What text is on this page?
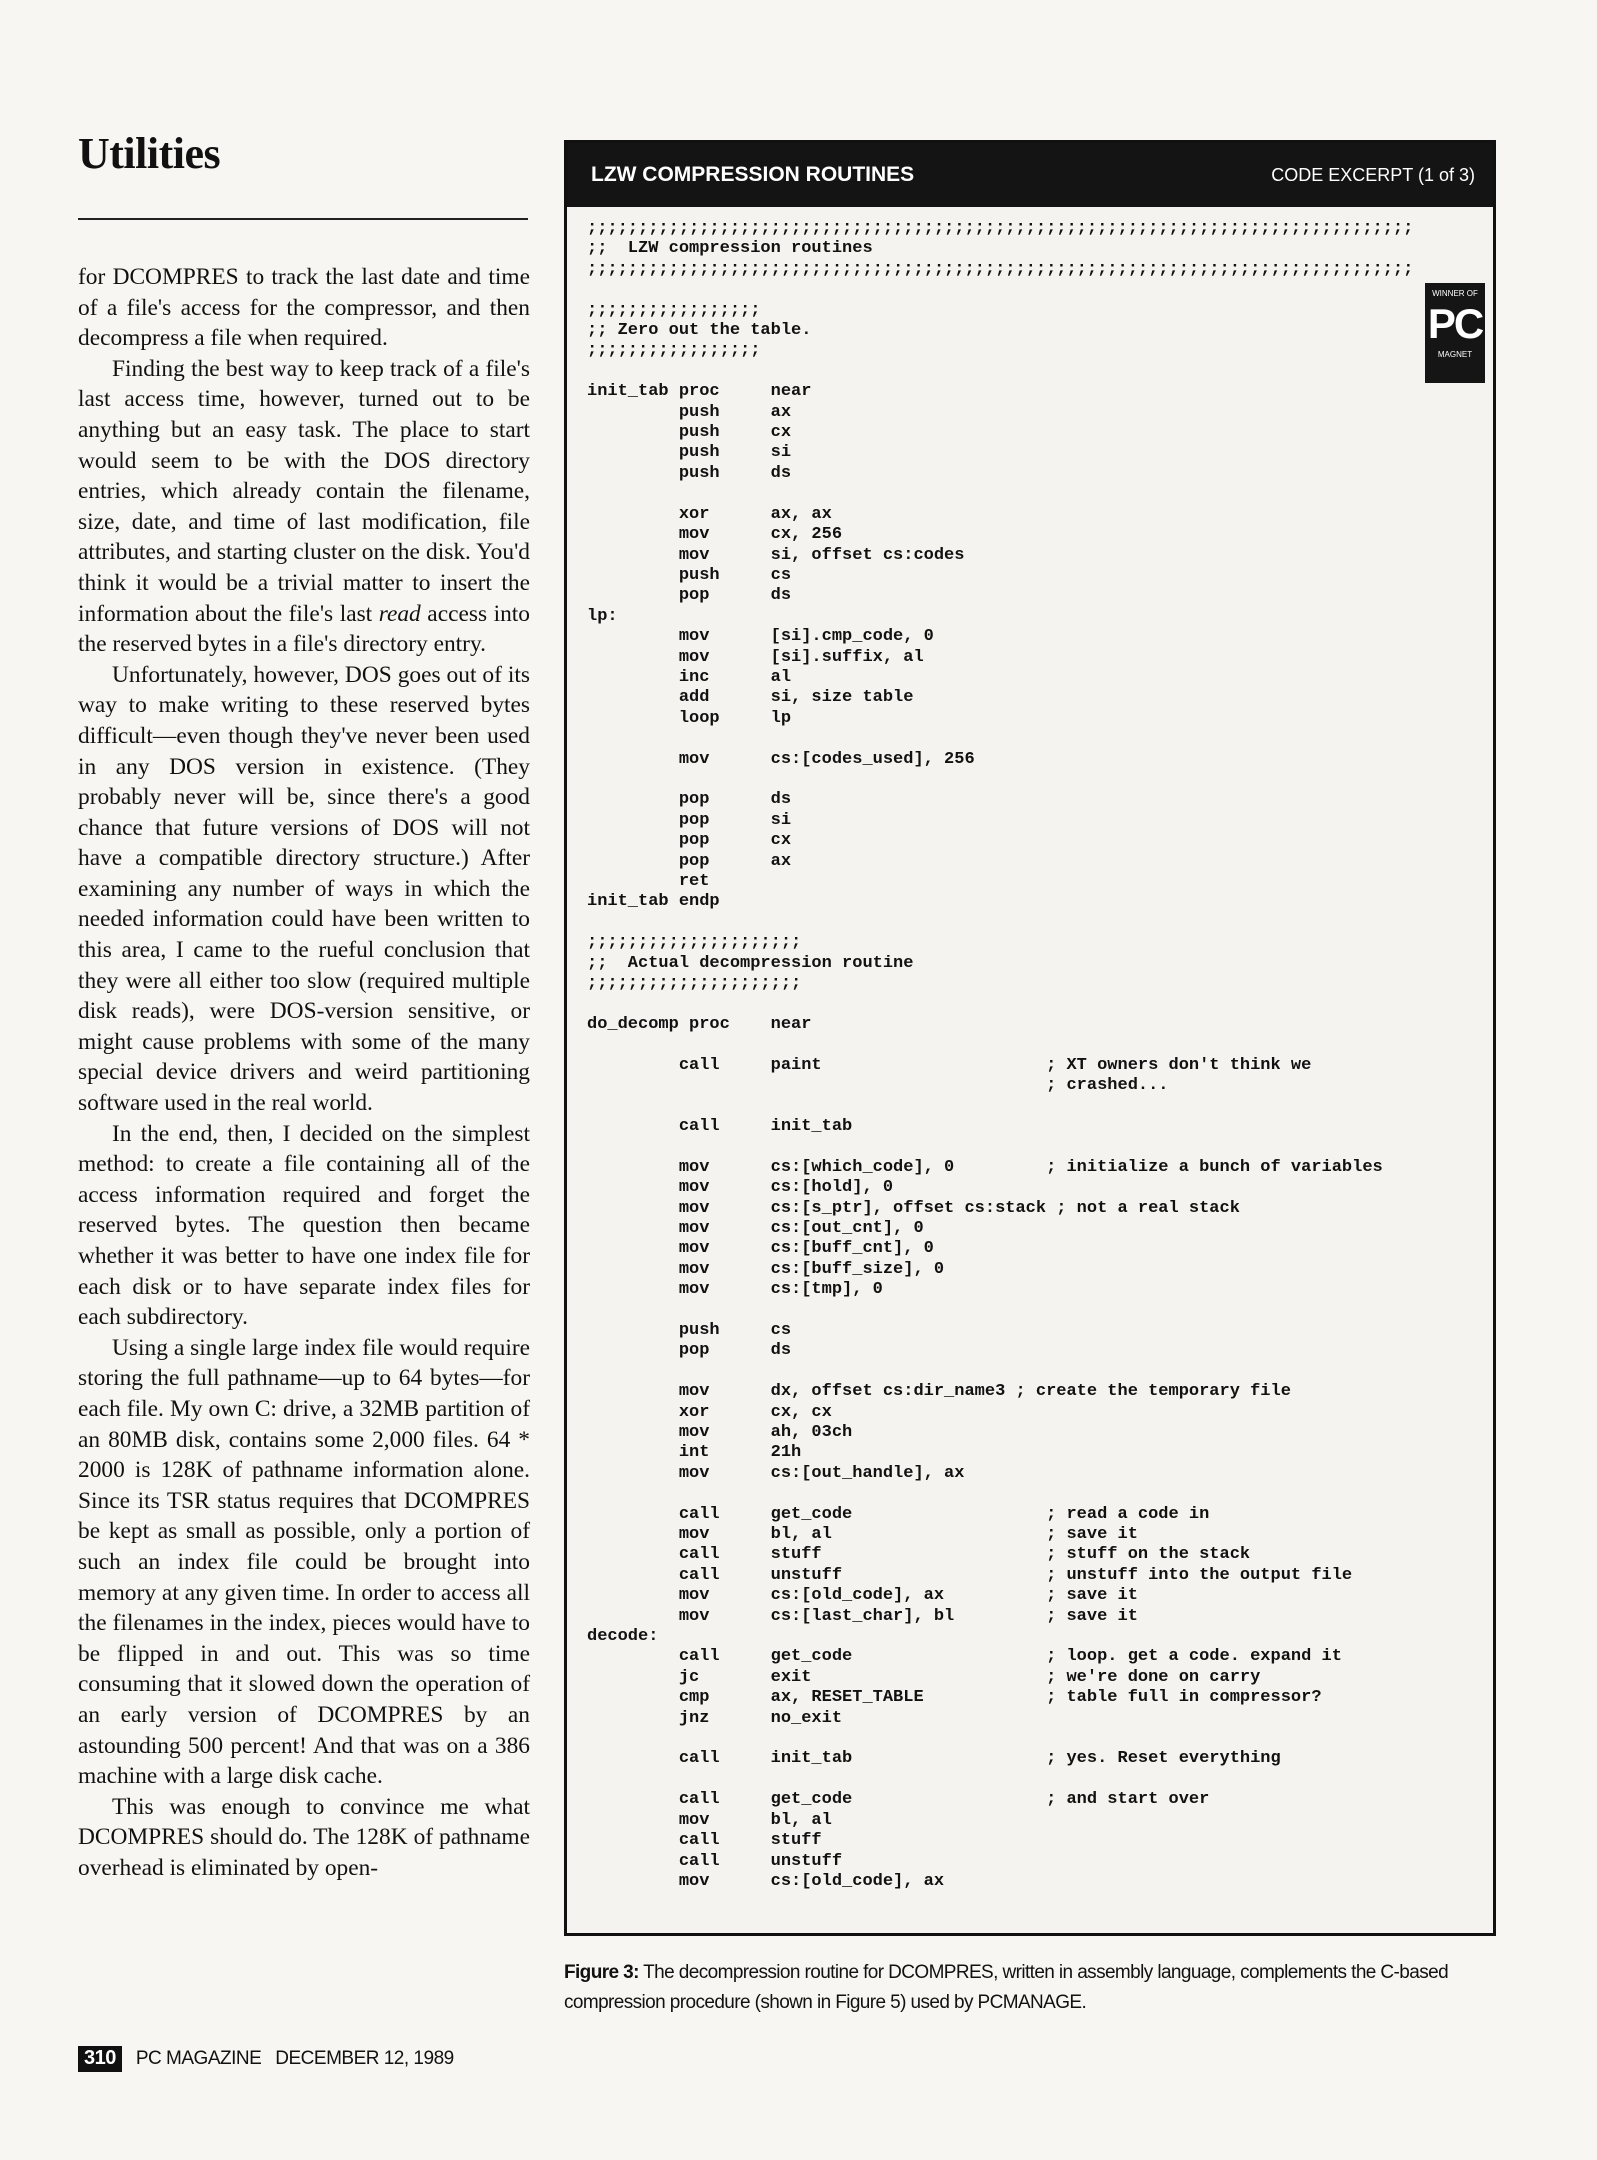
Utilities

for DCOMPRES to track the last date and time of a file's access for the compressor, and then decompress a file when required.

Finding the best way to keep track of a file's last access time, however, turned out to be anything but an easy task. The place to start would seem to be with the DOS directory entries, which already contain the filename, size, date, and time of last modification, file attributes, and starting cluster on the disk. You'd think it would be a trivial matter to insert the information about the file's last read access into the reserved bytes in a file's directory entry.

Unfortunately, however, DOS goes out of its way to make writing to these reserved bytes difficult—even though they've never been used in any DOS version in existence. (They probably never will be, since there's a good chance that future versions of DOS will not have a compatible directory structure.) After examining any number of ways in which the needed information could have been written to this area, I came to the rueful conclusion that they were all either too slow (required multiple disk reads), were DOS-version sensitive, or might cause problems with some of the many special device drivers and weird partitioning software used in the real world.

In the end, then, I decided on the simplest method: to create a file containing all of the access information required and forget the reserved bytes. The question then became whether it was better to have one index file for each disk or to have separate index files for each subdirectory.

Using a single large index file would require storing the full pathname—up to 64 bytes—for each file. My own C: drive, a 32MB partition of an 80MB disk, contains some 2,000 files. 64 * 2000 is 128K of pathname information alone. Since its TSR status requires that DCOMPRES be kept as small as possible, only a portion of such an index file could be brought into memory at any given time. In order to access all the filenames in the index, pieces would have to be flipped in and out. This was so time consuming that it slowed down the operation of an early version of DCOMPRES by an astounding 500 percent! And that was on a 386 machine with a large disk cache.

This was enough to convince me what DCOMPRES should do. The 128K of pathname overhead is eliminated by open-

LZW COMPRESSION ROUTINES	CODE EXCERPT (1 of 3)
;;;;;;;;;;;;;;;;;;;;;;;;;;;;;;;;;;;;;;;;;;;;;;;;;;;;;;;;;;;;;;;;;;;;;;;;;;;;;;;;;
;;  LZW compression routines
;;;;;;;;;;;;;;;;;;;;;;;;;;;;;;;;;;;;;;;;;;;;;;;;;;;;;;;;;;;;;;;;;;;;;;;;;;;;;;;;;

;;;;;;;;;;;;;;;;;
;; Zero out the table.
;;;;;;;;;;;;;;;;;

init_tab proc     near
push     ax
push     cx
push     si
push     ds

xor      ax, ax
mov      cx, 256
mov      si, offset cs:codes
push     cs
pop      ds
lp:
mov      [si].cmp_code, 0
mov      [si].suffix, al
inc      al
add      si, size table
loop     lp

mov      cs:[codes_used], 256

pop      ds
pop      si
pop      cx
pop      ax
ret
init_tab endp

;;;;;;;;;;;;;;;;;;;;;
;;  Actual decompression routine
;;;;;;;;;;;;;;;;;;;;;

do_decomp proc    near

call     paint                      ; XT owners don't think we
; crashed...

call     init_tab

mov      cs:[which_code], 0         ; initialize a bunch of variables
mov      cs:[hold], 0
mov      cs:[s_ptr], offset cs:stack ; not a real stack
mov      cs:[out_cnt], 0
mov      cs:[buff_cnt], 0
mov      cs:[buff_size], 0
mov      cs:[tmp], 0

push     cs
pop      ds

mov      dx, offset cs:dir_name3 ; create the temporary file
xor      cx, cx
mov      ah, 03ch
int      21h
mov      cs:[out_handle], ax

call     get_code                   ; read a code in
mov      bl, al                     ; save it
call     stuff                      ; stuff on the stack
call     unstuff                    ; unstuff into the output file
mov      cs:[old_code], ax          ; save it
mov      cs:[last_char], bl         ; save it
decode:
call     get_code                   ; loop. get a code. expand it
jc       exit                       ; we're done on carry
cmp      ax, RESET_TABLE            ; table full in compressor?
jnz      no_exit

call     init_tab                   ; yes. Reset everything

call     get_code                   ; and start over
mov      bl, al
call     stuff
call     unstuff
mov      cs:[old_code], ax

WINNER OF
PC
MAGNET
Figure 3: The decompression routine for DCOMPRES, written in assembly language, complements the C-based compression procedure (shown in Figure 5) used by PCMANAGE.
310	PC MAGAZINE DECEMBER 12, 1989
